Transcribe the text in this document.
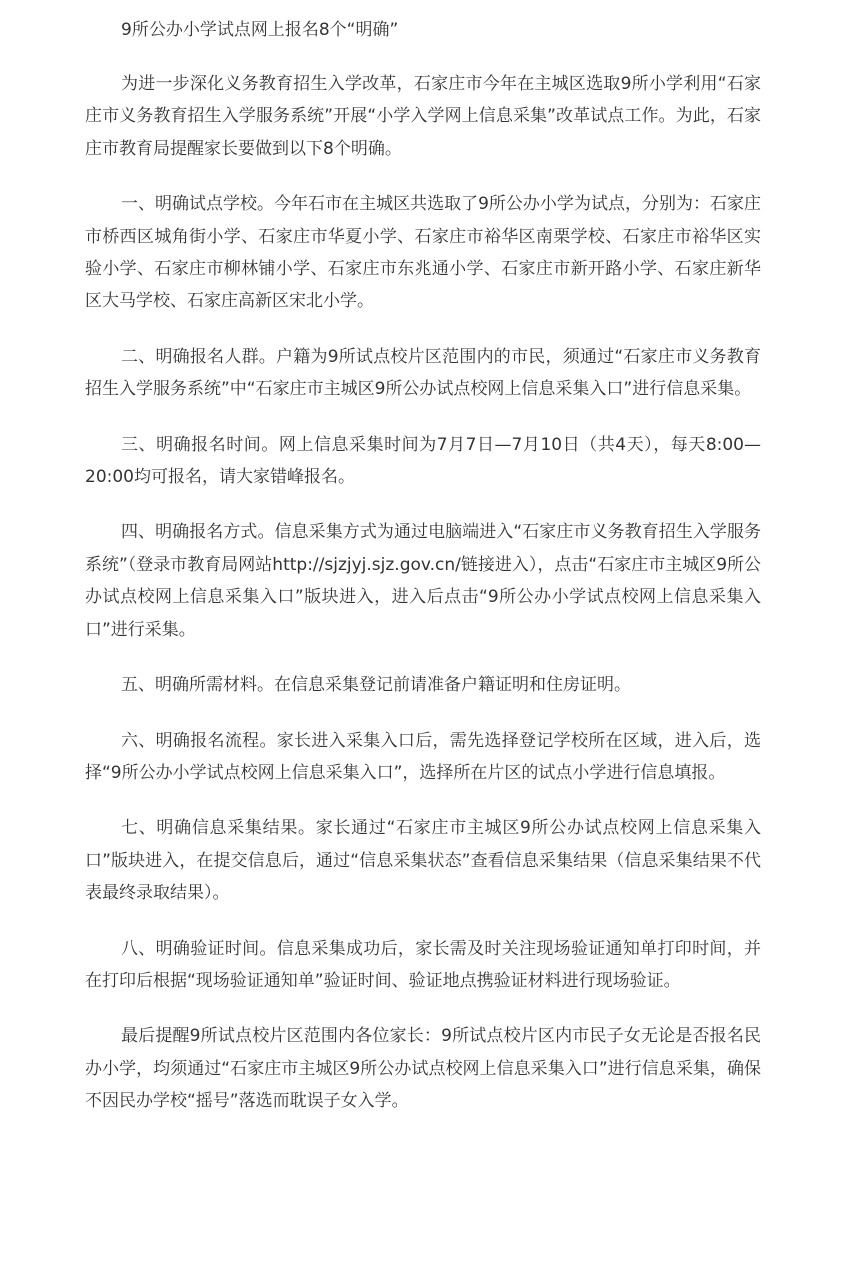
9所公办小学试点网上报名8个“明确”

为进一步深化义务教育招生入学改革，石家庄市今年在主城区选取9所小学利用“石家庄市义务教育招生入学服务系统”开展“小学入学网上信息采集”改革试点工作。为此，石家庄市教育局提醒家长要做到以下8个明确。

一、明确试点学校。今年石市在主城区共选取了9所公办小学为试点，分别为：石家庄市桥西区城角街小学、石家庄市华夏小学、石家庄市裕华区南栗学校、石家庄市裕华区实验小学、石家庄市柳林铺小学、石家庄市东兆通小学、石家庄市新开路小学、石家庄新华区大马学校、石家庄高新区宋北小学。

二、明确报名人群。户籍为9所试点校片区范围内的市民，须通过“石家庄市义务教育招生入学服务系统”中“石家庄市主城区9所公办试点校网上信息采集入口”进行信息采集。

三、明确报名时间。网上信息采集时间为7月7日—7月10日（共4天），每天8:00—20:00均可报名，请大家错峰报名。

四、明确报名方式。信息采集方式为通过电脑端进入“石家庄市义务教育招生入学服务系统”（登录市教育局网站http://sjzjyj.sjz.gov.cn/链接进入），点击“石家庄市主城区9所公办试点校网上信息采集入口”版块进入，进入后点击“9所公办小学试点校网上信息采集入口”进行采集。

五、明确所需材料。在信息采集登记前请准备户籍证明和住房证明。

六、明确报名流程。家长进入采集入口后，需先选择登记学校所在区域，进入后，选择“9所公办小学试点校网上信息采集入口”，选择所在片区的试点小学进行信息填报。

七、明确信息采集结果。家长通过“石家庄市主城区9所公办试点校网上信息采集入口”版块进入，在提交信息后，通过“信息采集状态”查看信息采集结果（信息采集结果不代表最终录取结果）。

八、明确验证时间。信息采集成功后，家长需及时关注现场验证通知单打印时间，并在打印后根据“现场验证通知单”验证时间、验证地点携验证材料进行现场验证。

最后提醒9所试点校片区范围内各位家长：9所试点校片区内市民子女无论是否报名民办小学，均须通过“石家庄市主城区9所公办试点校网上信息采集入口”进行信息采集，确保不因民办学校“摇号”落选而耽误子女入学。
